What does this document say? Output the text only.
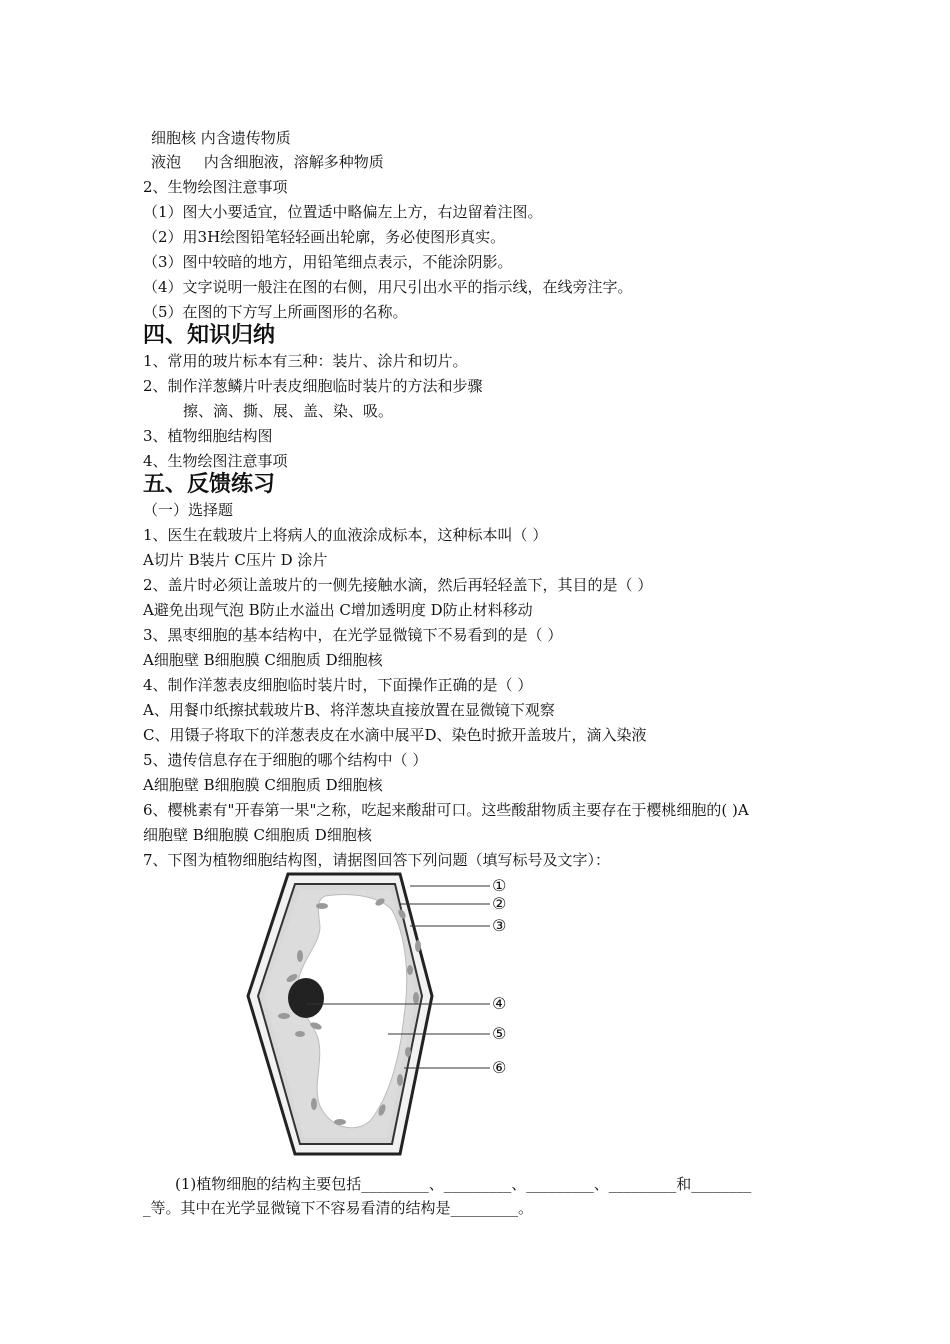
细胞核 内含遗传物质
液泡 内含细胞液，溶解多种物质
2、生物绘图注意事项
（1）图大小要适宜，位置适中略偏左上方，右边留着注图。
（2）用3H绘图铅笔轻轻画出轮廓，务必使图形真实。
（3）图中较暗的地方，用铅笔细点表示，不能涂阴影。
（4）文字说明一般注在图的右侧，用尺引出水平的指示线，在线旁注字。
（5）在图的下方写上所画图形的名称。
四、知识归纳
1、常用的玻片标本有三种：装片、涂片和切片。
2、制作洋葱鳞片叶表皮细胞临时装片的方法和步骤
擦、滴、撕、展、盖、染、吸。
3、植物细胞结构图
4、生物绘图注意事项
五、反馈练习
（一）选择题
1、医生在载玻片上将病人的血液涂成标本，这种标本叫（ ）
A切片 B装片 C压片 D 涂片
2、盖片时必须让盖玻片的一侧先接触水滴，然后再轻轻盖下，其目的是（ ）
A避免出现气泡 B防止水溢出 C增加透明度 D防止材料移动
3、黑枣细胞的基本结构中，在光学显微镜下不易看到的是（ ）
A细胞壁 B细胞膜 C细胞质 D细胞核
4、制作洋葱表皮细胞临时装片时，下面操作正确的是（ ）
A、用餐巾纸擦拭载玻片B、将洋葱块直接放置在显微镜下观察
C、用镊子将取下的洋葱表皮在水滴中展平D、染色时掀开盖玻片，滴入染液
5、遗传信息存在于细胞的哪个结构中（ ）
A细胞壁 B细胞膜 C细胞质 D细胞核
6、樱桃素有"开春第一果"之称，吃起来酸甜可口。这些酸甜物质主要存在于樱桃细胞的( )A
细胞壁 B细胞膜 C细胞质 D细胞核
7、下图为植物细胞结构图，请据图回答下列问题（填写标号及文字）：
①
②
③
④
⑤
⑥
(1)植物细胞的结构主要包括_________、_________、_________、_________和________
_等。其中在光学显微镜下不容易看清的结构是_________。
